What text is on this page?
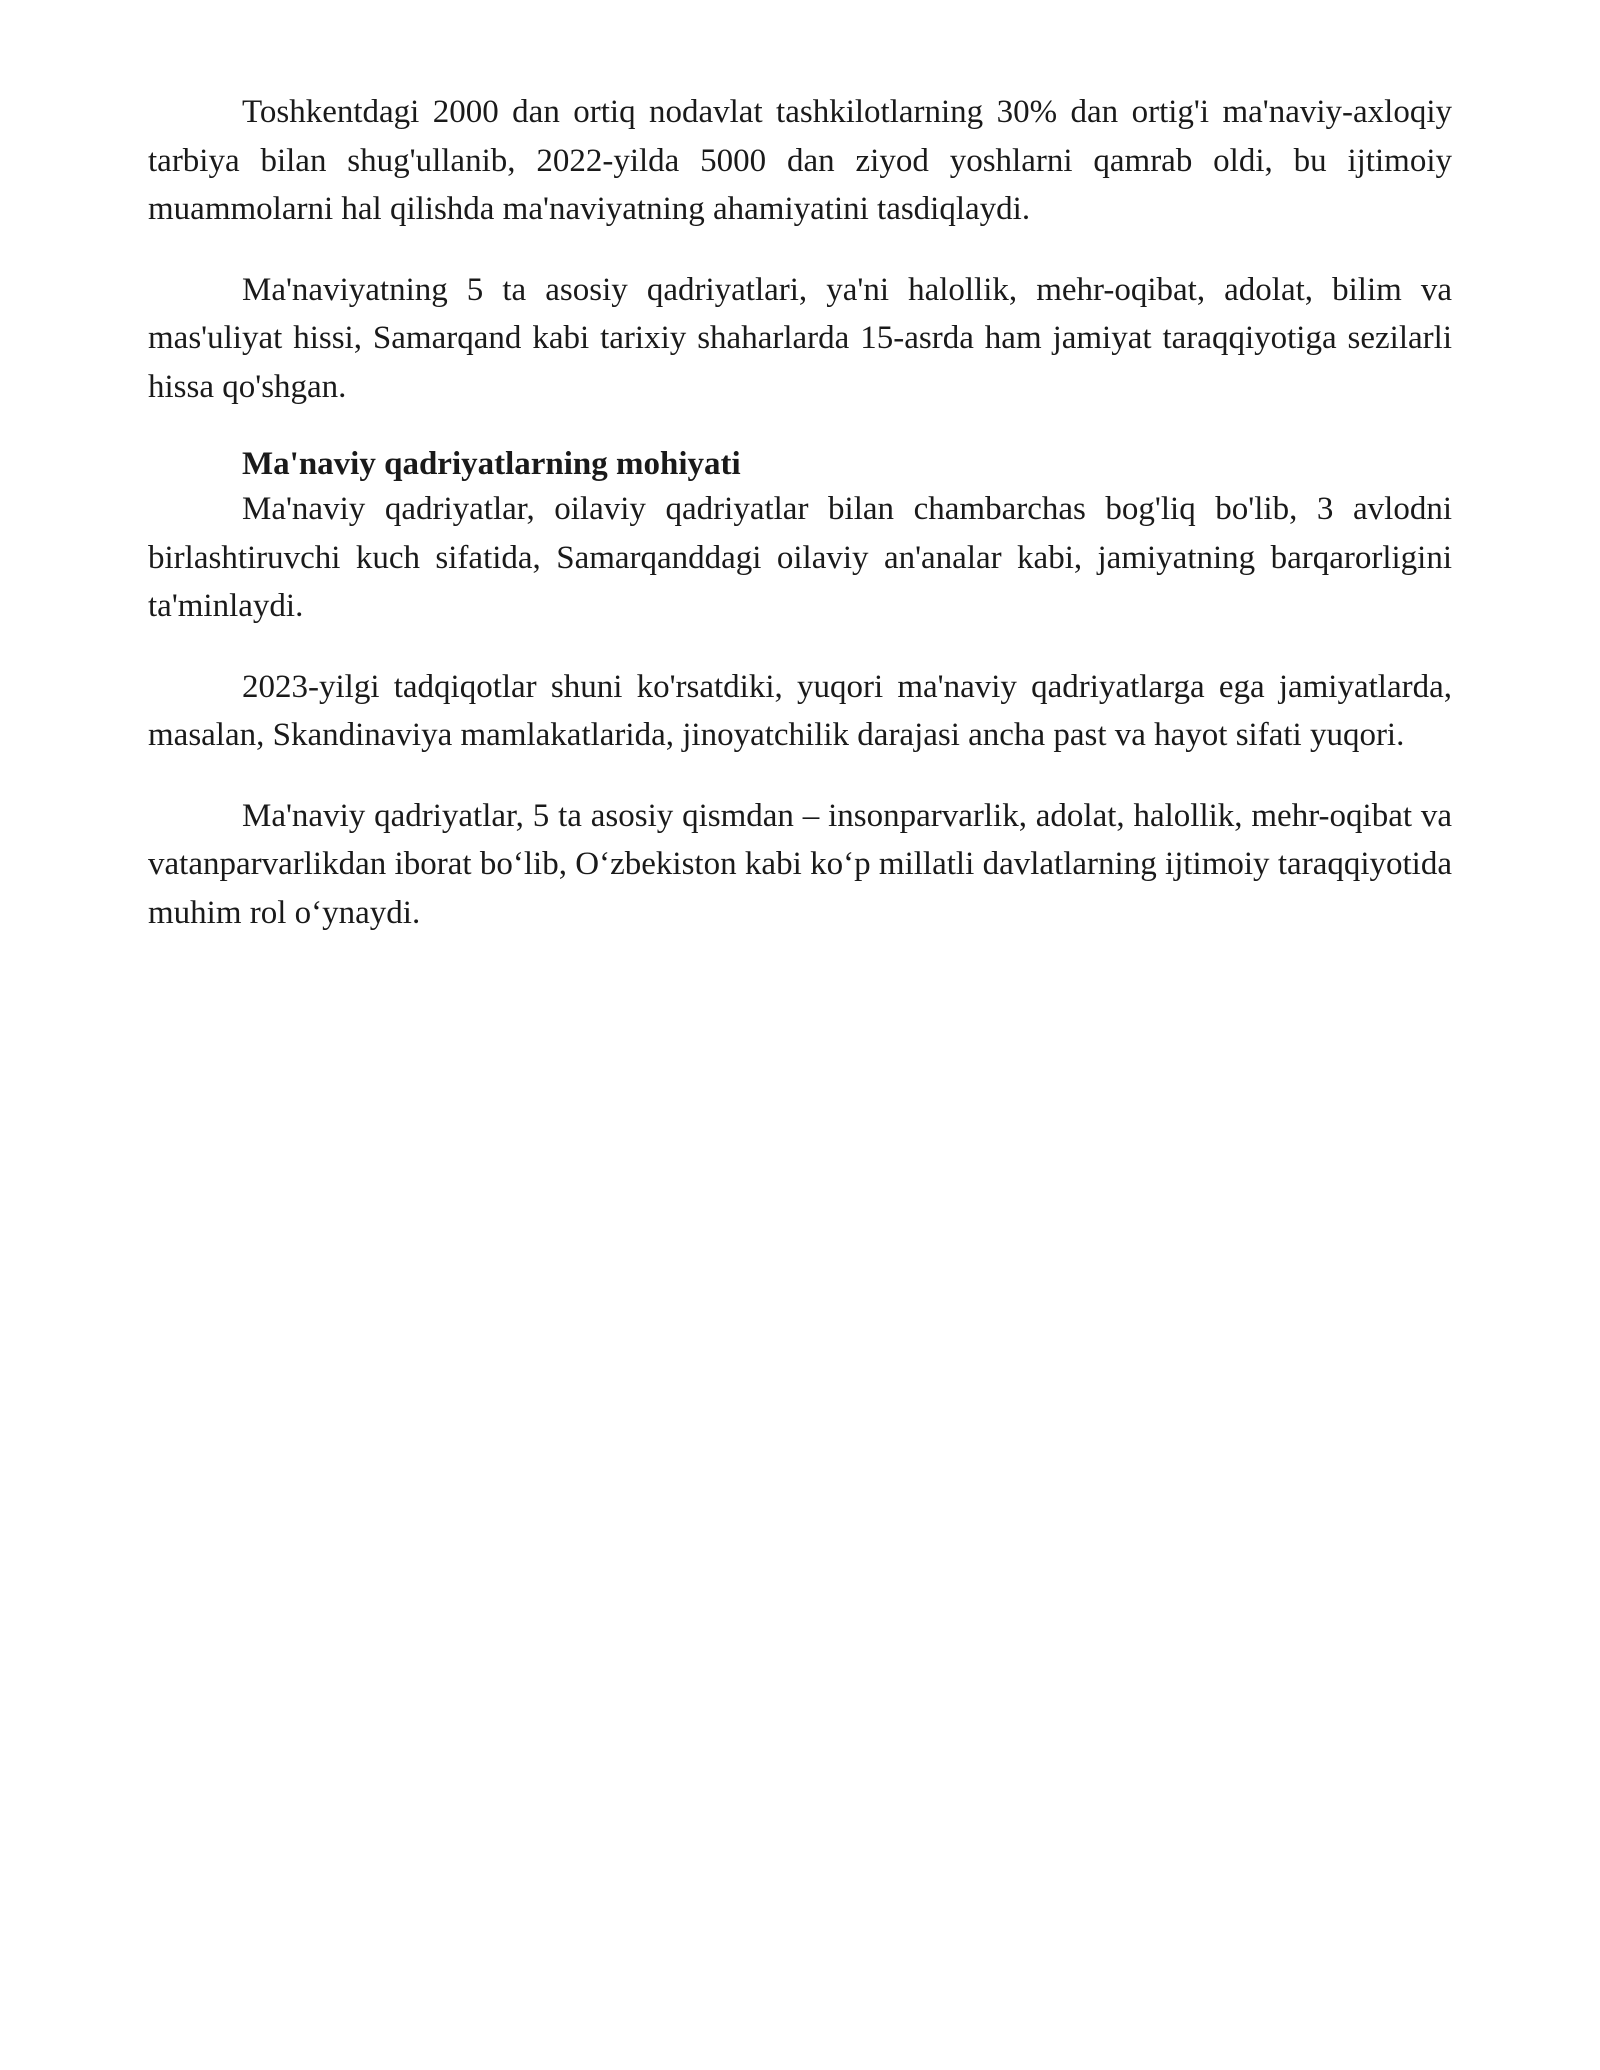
Toshkentdagi 2000 dan ortiq nodavlat tashkilotlarning 30% dan ortig'i ma'naviy-axloqiy tarbiya bilan shug'ullanib, 2022-yilda 5000 dan ziyod yoshlarni qamrab oldi, bu ijtimoiy muammolarni hal qilishda ma'naviyatning ahamiyatini tasdiqlaydi.

Ma'naviyatning 5 ta asosiy qadriyatlari, ya'ni halollik, mehr-oqibat, adolat, bilim va mas'uliyat hissi, Samarqand kabi tarixiy shaharlarda 15-asrda ham jamiyat taraqqiyotiga sezilarli hissa qo'shgan.

Ma'naviy qadriyatlarning mohiyati

Ma'naviy qadriyatlar, oilaviy qadriyatlar bilan chambarchas bog'liq bo'lib, 3 avlodni birlashtiruvchi kuch sifatida, Samarqanddagi oilaviy an'analar kabi, jamiyatning barqarorligini ta'minlaydi.

2023-yilgi tadqiqotlar shuni ko'rsatdiki, yuqori ma'naviy qadriyatlarga ega jamiyatlarda, masalan, Skandinaviya mamlakatlarida, jinoyatchilik darajasi ancha past va hayot sifati yuqori.

Ma'naviy qadriyatlar, 5 ta asosiy qismdan – insonparvarlik, adolat, halollik, mehr-oqibat va vatanparvarlikdan iborat boʻlib, Oʻzbekiston kabi koʻp millatli davlatlarning ijtimoiy taraqqiyotida muhim rol oʻynaydi.
